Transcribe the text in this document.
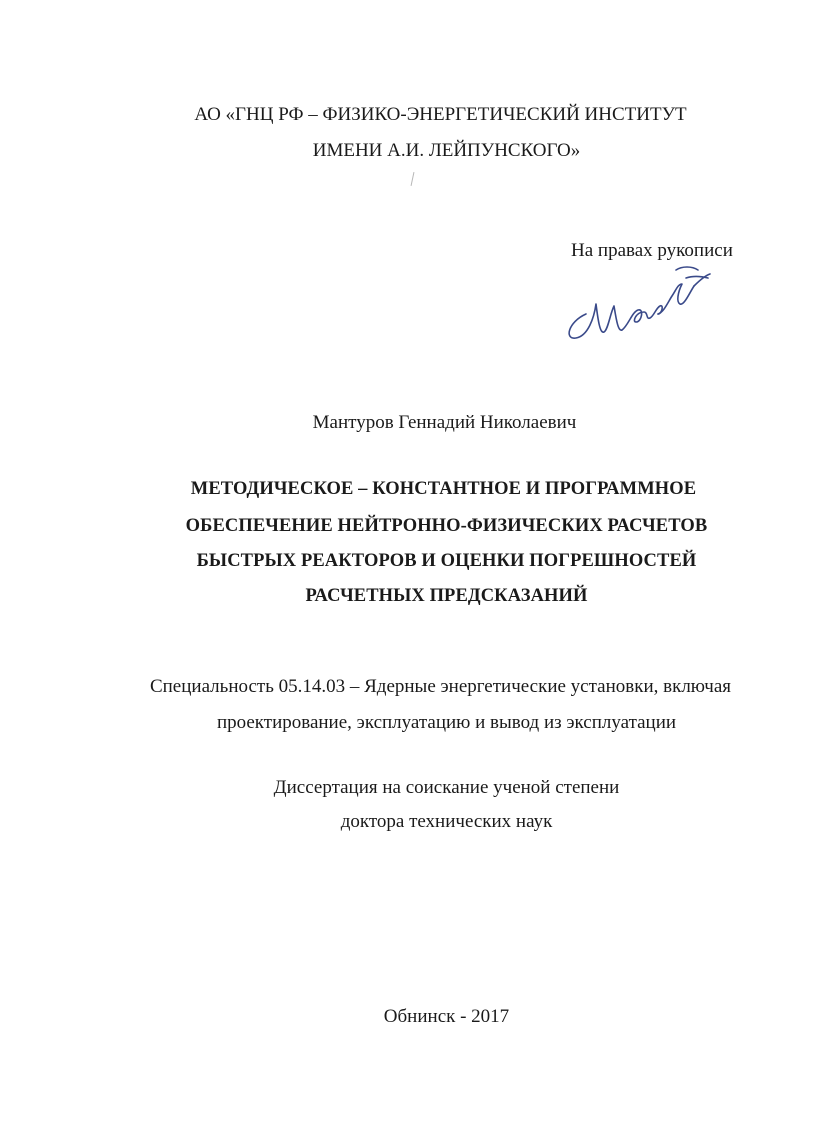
АО «ГНЦ РФ – ФИЗИКО-ЭНЕРГЕТИЧЕСКИЙ ИНСТИТУТ
ИМЕНИ А.И. ЛЕЙПУНСКОГО»
На правах рукописи
Мантуров Геннадий Николаевич
МЕТОДИЧЕСКОЕ – КОНСТАНТНОЕ И ПРОГРАММНОЕ
ОБЕСПЕЧЕНИЕ НЕЙТРОННО-ФИЗИЧЕСКИХ РАСЧЕТОВ
БЫСТРЫХ РЕАКТОРОВ И ОЦЕНКИ ПОГРЕШНОСТЕЙ
РАСЧЕТНЫХ ПРЕДСКАЗАНИЙ
Специальность 05.14.03 – Ядерные энергетические установки, включая
проектирование, эксплуатацию и вывод из эксплуатации
Диссертация на соискание ученой степени
доктора технических наук
Обнинск - 2017
